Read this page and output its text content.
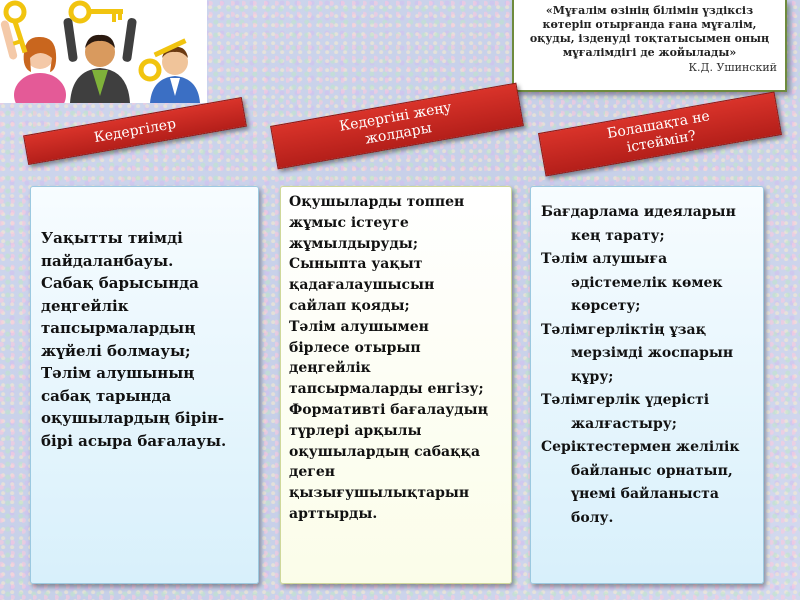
«Мұғалім өзінің білімін үздіксіз көтеріп отырғанда ғана мұғалім, оқуды, ізденуді тоқтатысымен оның мұғалімдігі де жойылады»
К.Д. Ушинский
Кедергілер	Кедергіні жеңу жолдары	Болашақта не істеймін?
Уақытты тиімді
пайдаланбауы.
Сабақ барысында
деңгейлік
тапсырмалардың
жүйелі болмауы;
Тәлім алушының
сабақ тарында
оқушылардың бірін-
бірі асыра бағалауы.
Оқушыларды топпен
жұмыс істеуге
жұмылдыруды;
Сыныпта уақыт
қадағалаушысын
сайлап қояды;
Тәлім алушымен
бірлесе отырып
деңгейлік
тапсырмаларды енгізу;
Формативті бағалаудың
түрлері арқылы
оқушылардың сабаққа
деген
қызығушылықтарын
арттырды.
Бағдарлама идеяларын кең тарату;
Тәлім алушыға әдістемелік көмек көрсету;
Тәлімгерліктің ұзақ мерзімді жоспарын құру;
Тәлімгерлік үдерісті жалғастыру;
Серіктестермен желілік байланыс орнатып, үнемі байланыста болу.
